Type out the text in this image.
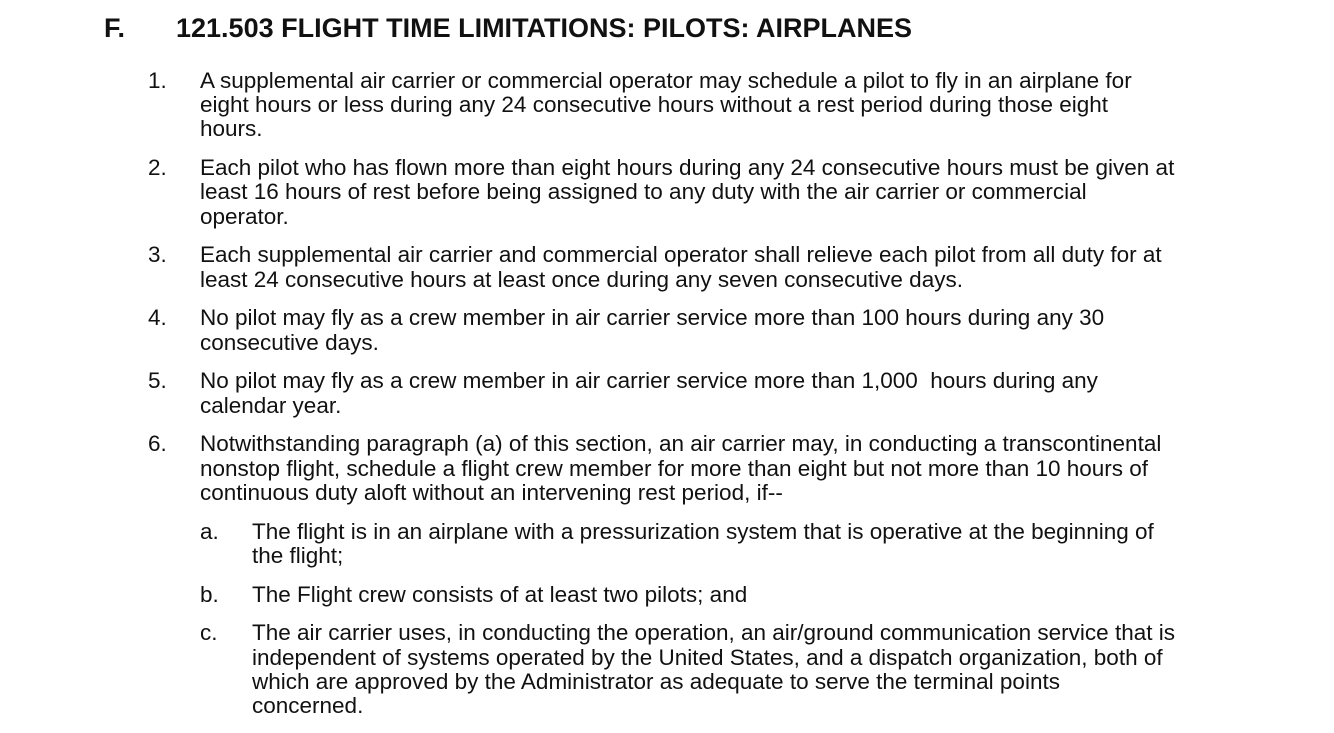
F.	121.503 FLIGHT TIME LIMITATIONS: PILOTS: AIRPLANES
1.	A supplemental air carrier or commercial operator may schedule a pilot to fly in an airplane for
eight hours or less during any 24 consecutive hours without a rest period during those eight
hours.
2.	Each pilot who has flown more than eight hours during any 24 consecutive hours must be given at
least 16 hours of rest before being assigned to any duty with the air carrier or commercial
operator.
3.	Each supplemental air carrier and commercial operator shall relieve each pilot from all duty for at
least 24 consecutive hours at least once during any seven consecutive days.
4.	No pilot may fly as a crew member in air carrier service more than 100 hours during any 30
consecutive days.
5.	No pilot may fly as a crew member in air carrier service more than 1,000  hours during any
calendar year.
6.	Notwithstanding paragraph (a) of this section, an air carrier may, in conducting a transcontinental
nonstop flight, schedule a flight crew member for more than eight but not more than 10 hours of
continuous duty aloft without an intervening rest period, if--
a.	The flight is in an airplane with a pressurization system that is operative at the beginning of
the flight;
b.	The Flight crew consists of at least two pilots; and
c.	The air carrier uses, in conducting the operation, an air/ground communication service that is
independent of systems operated by the United States, and a dispatch organization, both of
which are approved by the Administrator as adequate to serve the terminal points
concerned.
